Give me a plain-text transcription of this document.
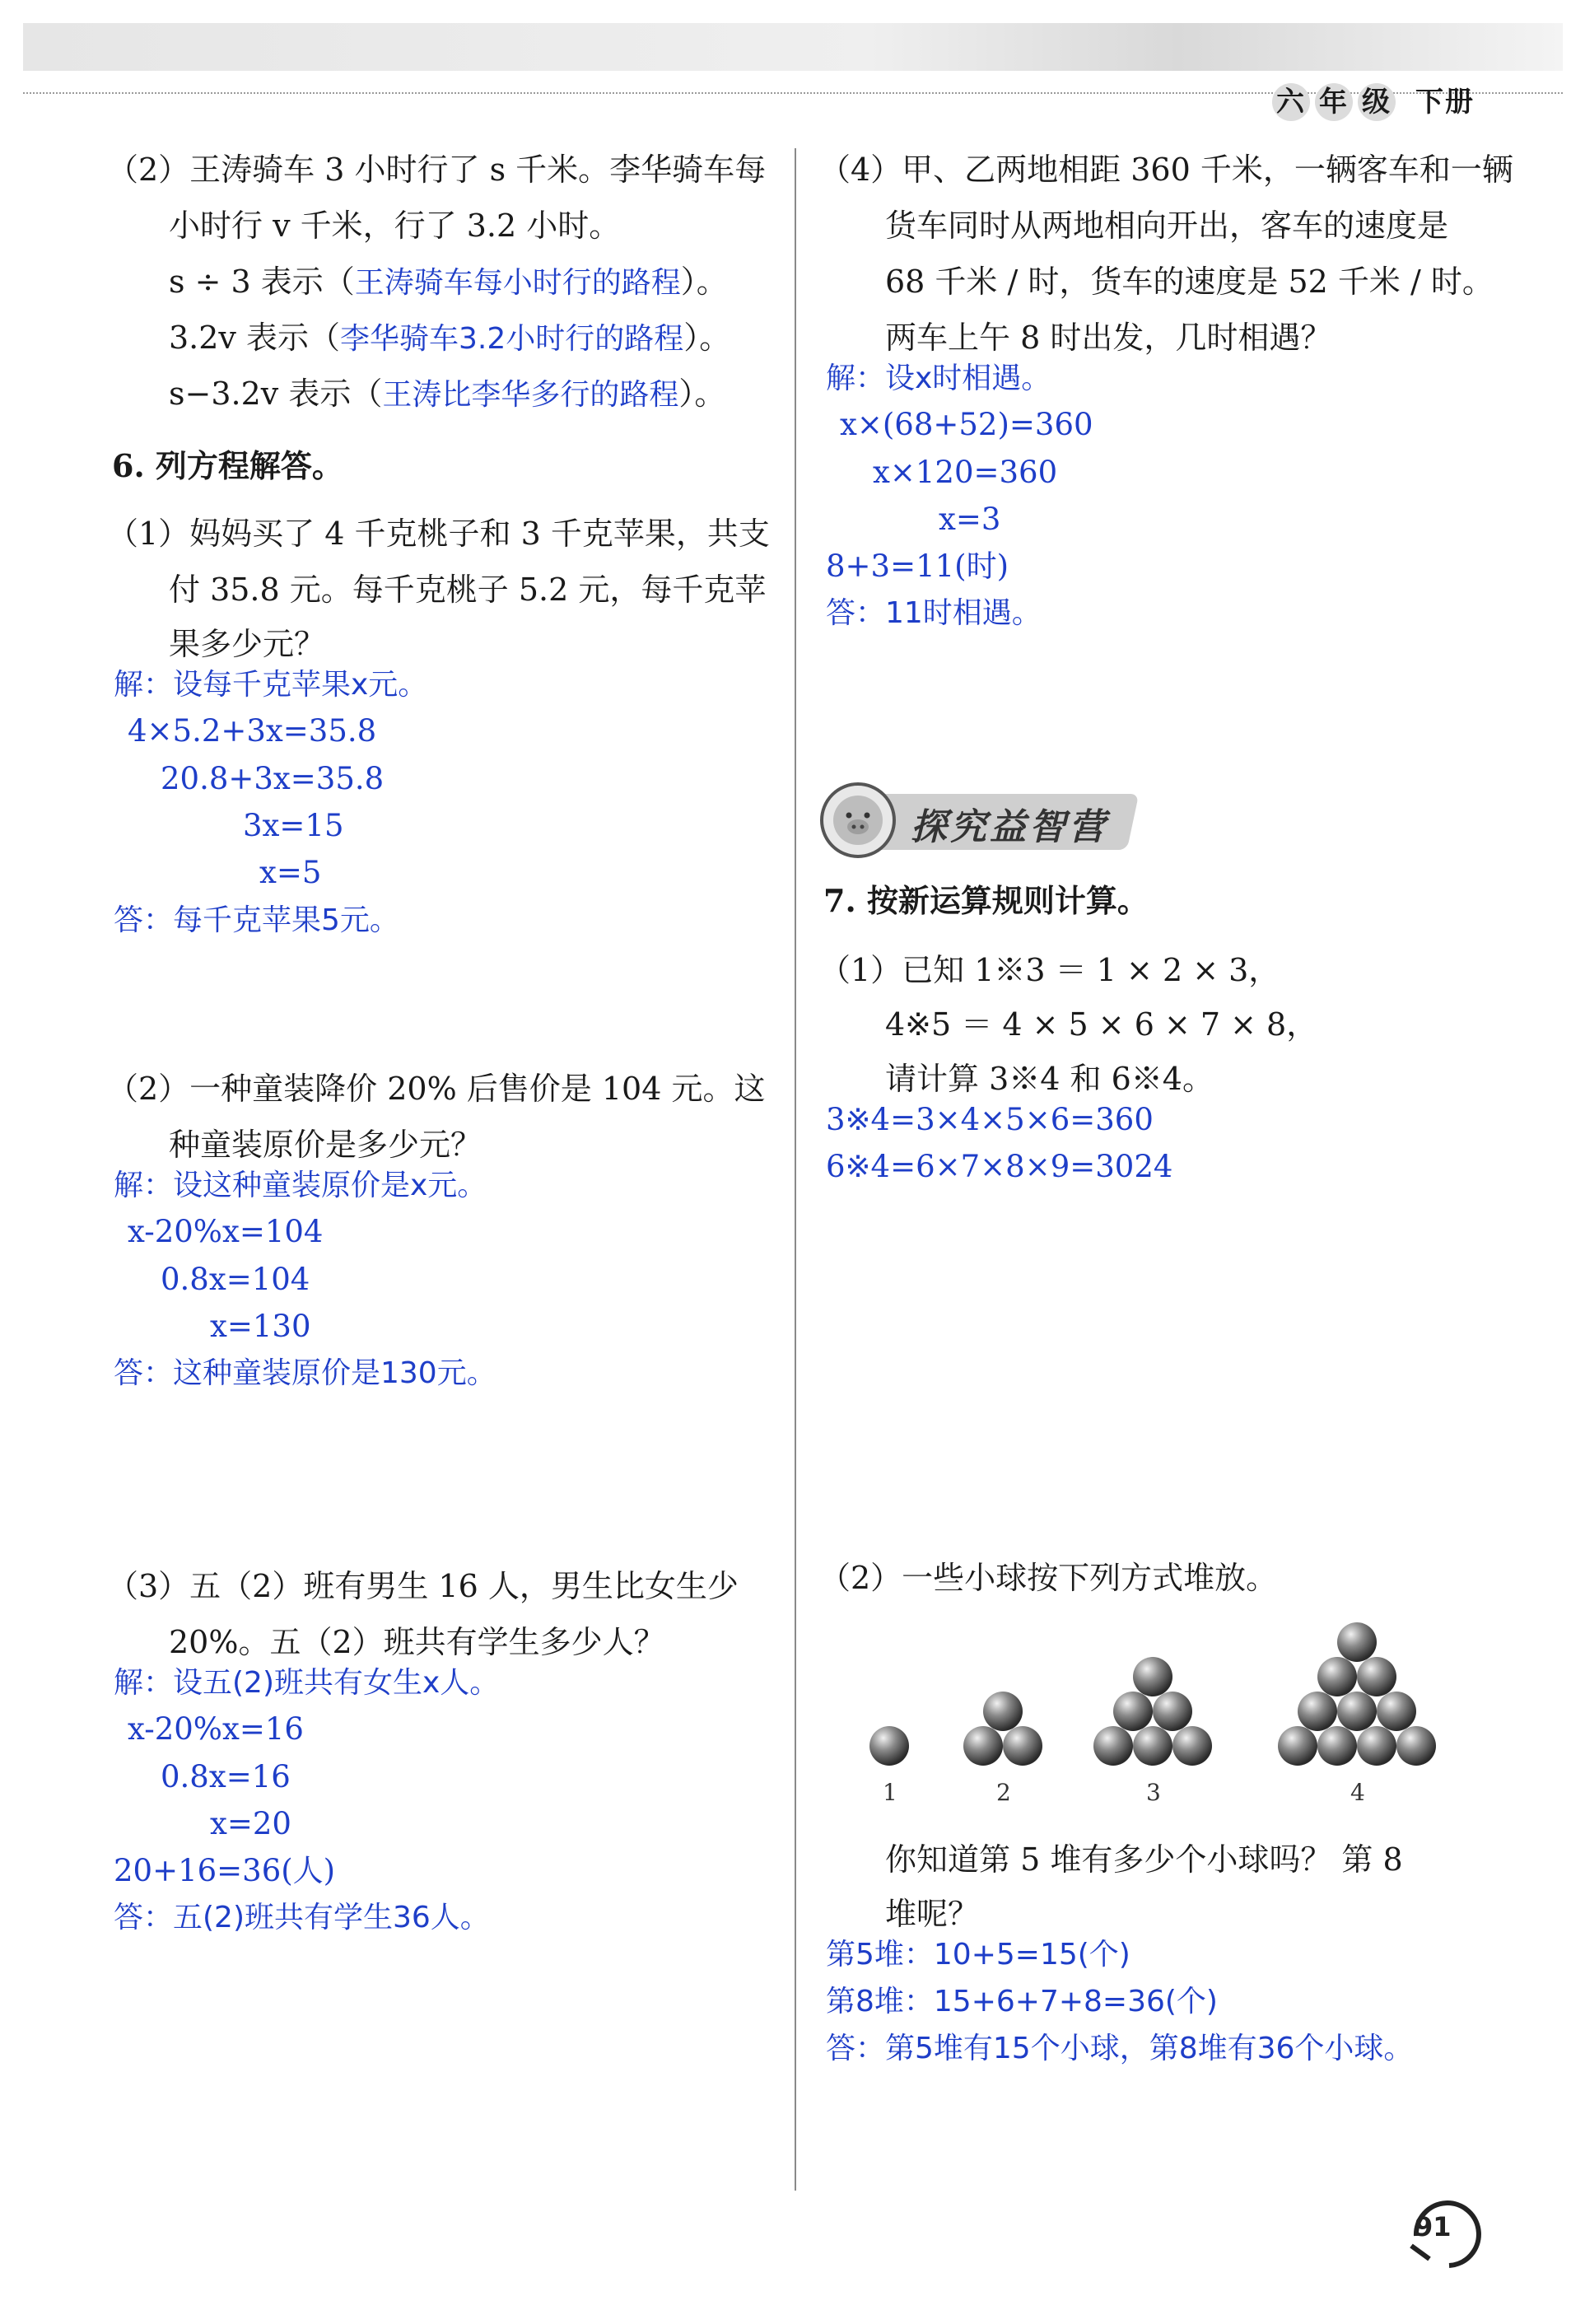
六 年 级 下册
（2）王涛骑车 3 小时行了 s 千米。李华骑车每
小时行 v 千米，行了 3.2 小时。
s ÷ 3 表示（王涛骑车每小时行的路程）。
3.2v 表示（李华骑车3.2小时行的路程）。
s−3.2v 表示（王涛比李华多行的路程）。
6. 列方程解答。
（1）妈妈买了 4 千克桃子和 3 千克苹果，共支
付 35.8 元。每千克桃子 5.2 元，每千克苹
果多少元？
解：设每千克苹果x元。
4×5.2+3x=35.8
20.8+3x=35.8
3x=15
x=5
答：每千克苹果5元。
（2）一种童装降价 20% 后售价是 104 元。这
种童装原价是多少元？
解：设这种童装原价是x元。
x-20%x=104
0.8x=104
x=130
答：这种童装原价是130元。
（3）五（2）班有男生 16 人，男生比女生少
20%。五（2）班共有学生多少人？
解：设五(2)班共有女生x人。
x-20%x=16
0.8x=16
x=20
20+16=36(人)
答：五(2)班共有学生36人。
（4）甲、乙两地相距 360 千米，一辆客车和一辆
货车同时从两地相向开出，客车的速度是
68 千米 / 时，货车的速度是 52 千米 / 时。
两车上午 8 时出发，几时相遇？
解：设x时相遇。
x×(68+52)=360
x×120=360
x=3
8+3=11(时)
答：11时相遇。
探究益智营
7. 按新运算规则计算。
（1）已知 1※3 ＝ 1 × 2 × 3，
4※5 ＝ 4 × 5 × 6 × 7 × 8，
请计算 3※4 和 6※4。
3※4=3×4×5×6=360
6※4=6×7×8×9=3024
（2）一些小球按下列方式堆放。
1	2	3	4
你知道第 5 堆有多少个小球吗？ 第 8
堆呢？
第5堆：10+5=15(个)
第8堆：15+6+7+8=36(个)
答：第5堆有15个小球，第8堆有36个小球。
91
